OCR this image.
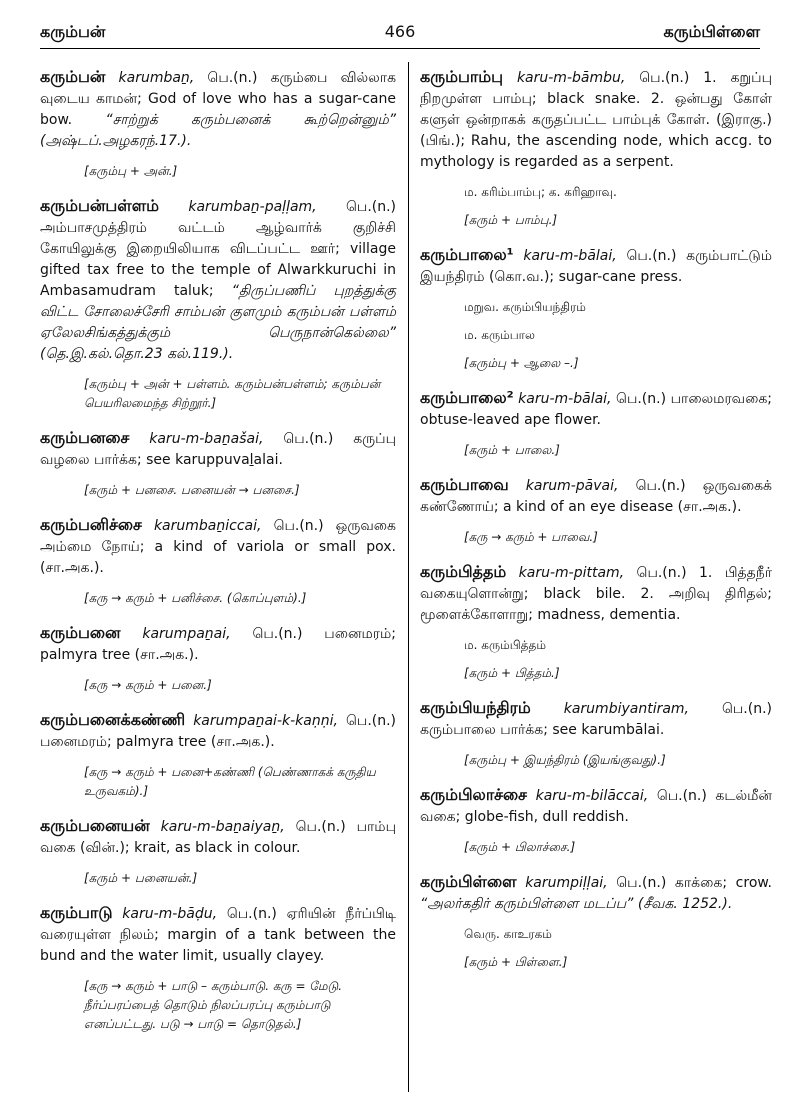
கரும்பன்	466	கரும்பிள்ளை
கரும்பன் karumbaṉ, பெ.(n.) கரும்பை வில்லாக வுடைய காமன்; God of love who has a sugar-cane bow. “சாற்றுக் கரும்பனைக் கூற்றென்னும்” (அஷ்டப்.அழகரந்.17.).
[கரும்பு + அன்.]
கரும்பன்பள்ளம் karumbaṉ-paḷḷam, பெ.(n.) அம்பாசமுத்திரம் வட்டம் ஆழ்வார்க் குறிச்சி கோயிலுக்கு இறையிலியாக விடப்பட்ட ஊர்; village gifted tax free to the temple of Alwarkkuruchi in Ambasamudram taluk; “திருப்பணிப் புறத்துக்கு விட்ட சோலைச்சேரி சாம்பன் குளமும் கரும்பன் பள்ளம் ஏலேலசிங்கத்துக்கும் பெருநான்கெல்லை” (தெ.இ.கல்.தொ.23 கல்.119.).
[கரும்பு + அன் + பள்ளம். கரும்பன்பள்ளம்; கரும்பன் பெயரிலமைந்த சிற்றூர்.]
கரும்பனசை karu-m-baṉašai, பெ.(n.) கருப்பு வழலை பார்க்க; see karuppuvaḻalai.
[கரும் + பனசை. பனையன் → பனசை.]
கரும்பனிச்சை karumbaṉiccai, பெ.(n.) ஒருவகை அம்மை நோய்; a kind of variola or small pox. (சா.அக.).
[கரு → கரும் + பனிச்சை. (கொப்புளம்).]
கரும்பனை karumpaṉai, பெ.(n.) பனைமரம்; palmyra tree (சா.அக.).
[கரு → கரும் + பனை.]
கரும்பனைக்கண்ணி karumpaṉai-k-kaṇṇi, பெ.(n.) பனைமரம்; palmyra tree (சா.அக.).
[கரு → கரும் + பனை+கண்ணி (பெண்ணாகக் கருதிய உருவகம்).]
கரும்பனையன் karu-m-baṉaiyaṉ, பெ.(n.) பாம்பு வகை (வின்.); krait, as black in colour.
[கரும் + பனையன்.]
கரும்பாடு karu-m-bāḍu, பெ.(n.) ஏரியின் நீர்ப்பிடி வரையுள்ள நிலம்; margin of a tank between the bund and the water limit, usually clayey.
[கரு → கரும் + பாடு – கரும்பாடு. கரு = மேடு. நீர்ப்பரப்பைத் தொடும் நிலப்பரப்பு கரும்பாடு எனப்பட்டது. படு → பாடு = தொடுதல்.]
கரும்பாம்பு karu-m-bāmbu, பெ.(n.) 1. கறுப்பு நிறமுள்ள பாம்பு; black snake. 2. ஒன்பது கோள் களுள் ஒன்றாகக் கருதப்பட்ட பாம்புக் கோள். (இராகு.) (பிங்.); Rahu, the ascending node, which accg. to mythology is regarded as a serpent.
ம. கரிம்பாம்பு; க. கரிஹாவு.
[கரும் + பாம்பு.]
கரும்பாலை¹ karu-m-bālai, பெ.(n.) கரும்பாட்டும் இயந்திரம் (கொ.வ.); sugar-cane press.
மறுவ. கரும்பியந்திரம்
ம. கரும்பால
[கரும்பு + ஆலை –.]
கரும்பாலை² karu-m-bālai, பெ.(n.) பாலைமரவகை; obtuse-leaved ape flower.
[கரும் + பாலை.]
கரும்பாவை karum-pāvai, பெ.(n.) ஒருவகைக் கண்ணோய்; a kind of an eye disease (சா.அக.).
[கரு → கரும் + பாவை.]
கரும்பித்தம் karu-m-pittam, பெ.(n.) 1. பித்தநீர் வகையுளொன்று; black bile. 2. அறிவு திரிதல்; மூளைக்கோளாறு; madness, dementia.
ம. கரும்பித்தம்
[கரும் + பித்தம்.]
கரும்பியந்திரம் karumbiyantiram, பெ.(n.) கரும்பாலை பார்க்க; see karumbālai.
[கரும்பு + இயந்திரம் (இயங்குவது).]
கரும்பிலாச்சை karu-m-bilāccai, பெ.(n.) கடல்மீன் வகை; globe-fish, dull reddish.
[கரும் + பிலாச்சை.]
கரும்பிள்ளை karumpiḷḷai, பெ.(n.) காக்கை; crow. “அலர்கதிர் கரும்பிள்ளை மடப்ப” (சீவக. 1252.).
வெரு. காஉரகம்
[கரும் + பிள்ளை.]
